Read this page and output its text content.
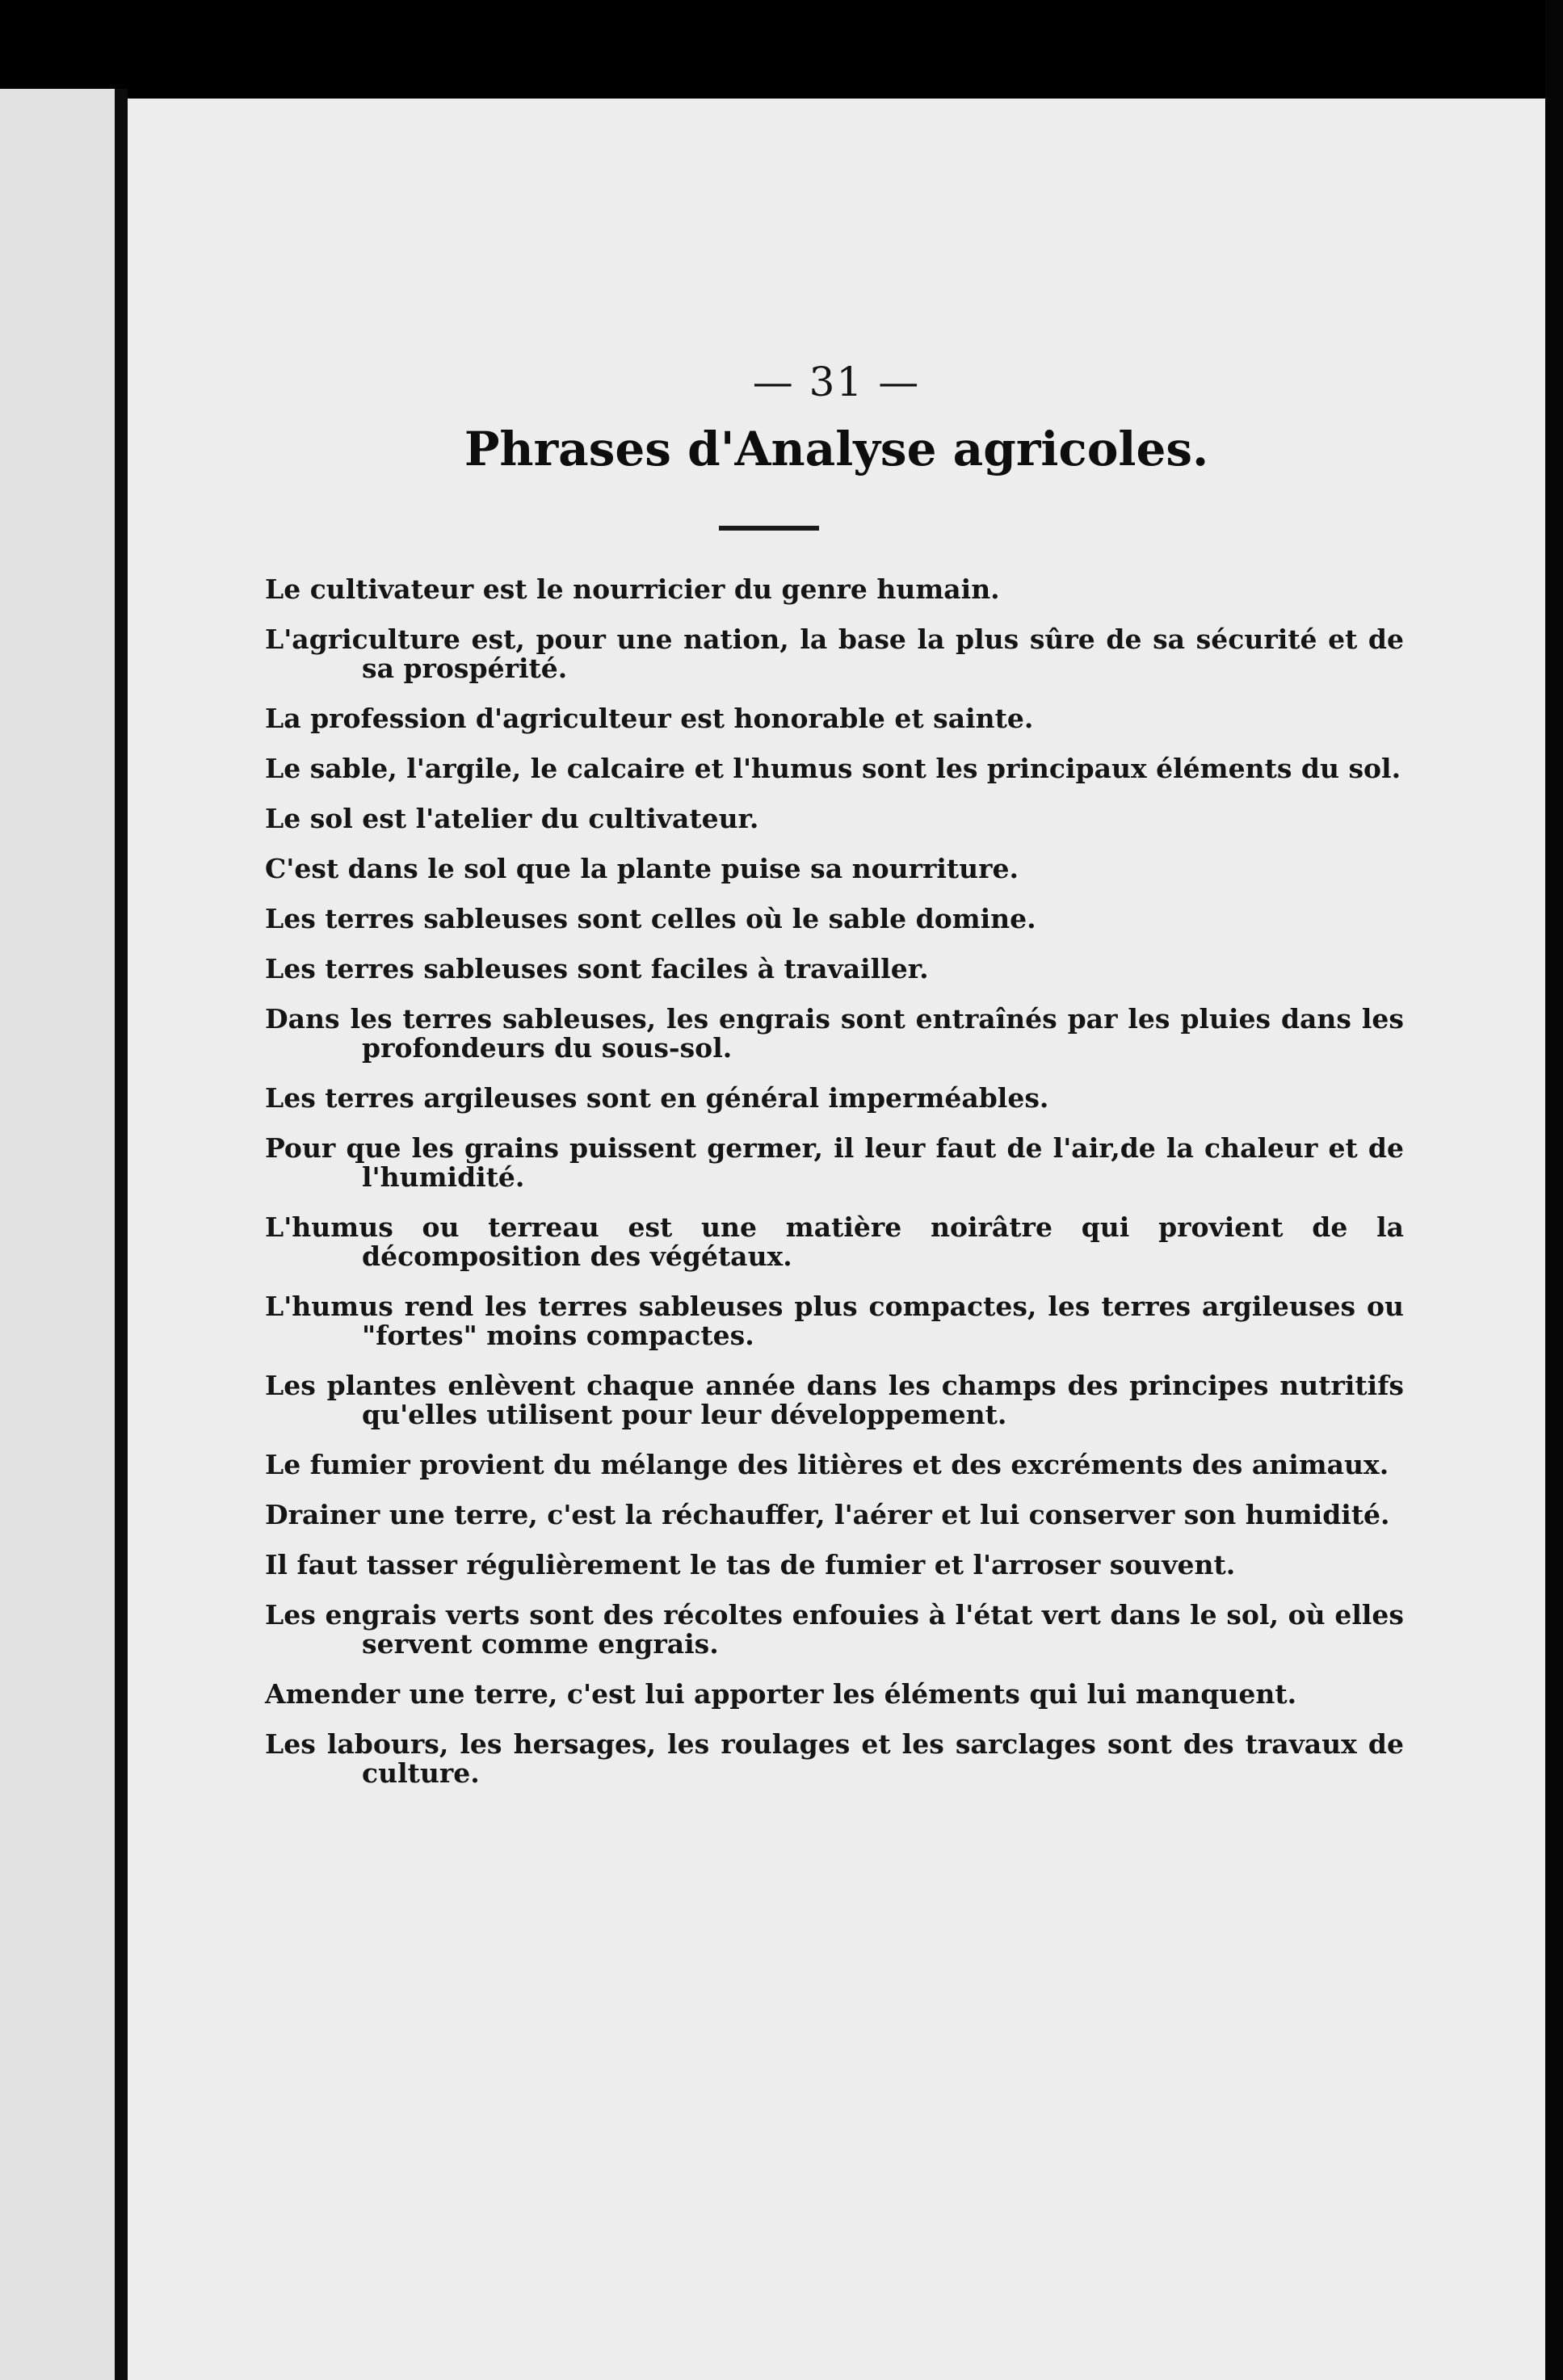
— 31 —
Phrases d'Analyse agricoles.
Le cultivateur est le nourricier du genre humain.
L'agriculture est, pour une nation, la base la plus sûre de sa sécurité et de sa prospérité.
La profession d'agriculteur est honorable et sainte.
Le sable, l'argile, le calcaire et l'humus sont les principaux éléments du sol.
Le sol est l'atelier du cultivateur.
C'est dans le sol que la plante puise sa nourriture.
Les terres sableuses sont celles où le sable domine.
Les terres sableuses sont faciles à travailler.
Dans les terres sableuses, les engrais sont entraînés par les pluies dans les profondeurs du sous-sol.
Les terres argileuses sont en général imperméables.
Pour que les grains puissent germer, il leur faut de l'air,de la chaleur et de l'humidité.
L'humus ou terreau est une matière noirâtre qui provient de la décomposition des végétaux.
L'humus rend les terres sableuses plus compactes, les terres argileuses ou "fortes" moins compactes.
Les plantes enlèvent chaque année dans les champs des principes nutritifs qu'elles utilisent pour leur développement.
Le fumier provient du mélange des litières et des excréments des animaux.
Drainer une terre, c'est la réchauffer, l'aérer et lui conserver son humidité.
Il faut tasser régulièrement le tas de fumier et l'arroser souvent.
Les engrais verts sont des récoltes enfouies à l'état vert dans le sol, où elles servent comme engrais.
Amender une terre, c'est lui apporter les éléments qui lui manquent.
Les labours, les hersages, les roulages et les sarclages sont des travaux de culture.
